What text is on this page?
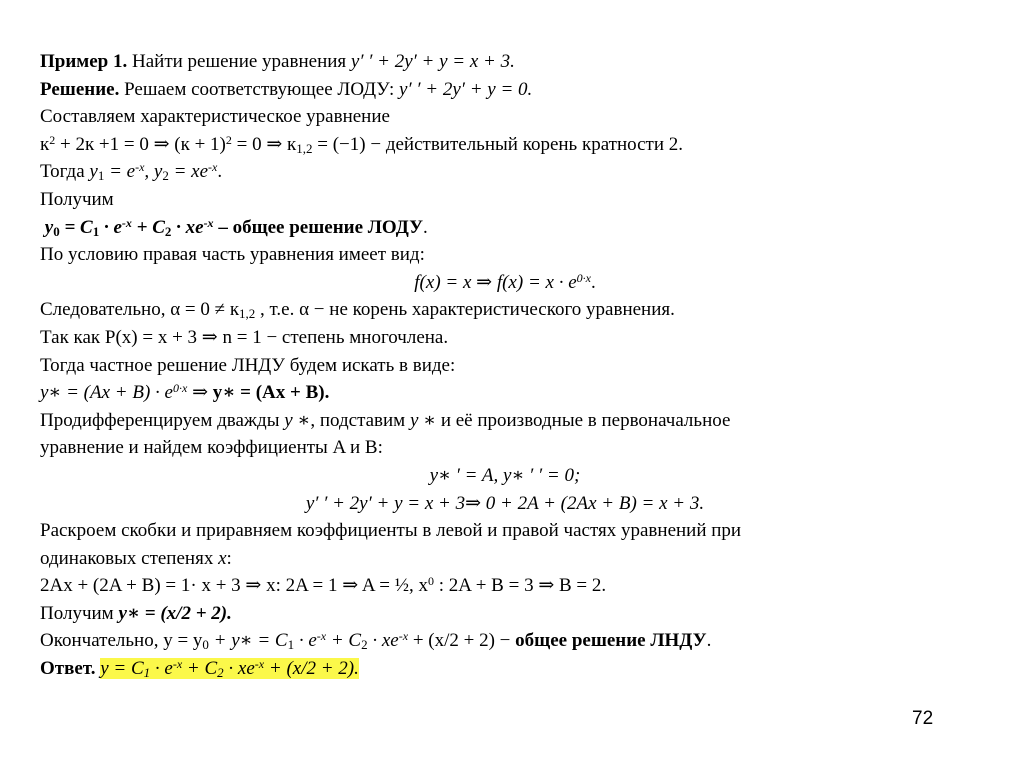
Пример 1. Найти решение уравнения y′ ′ + 2y′ + y = x + 3.
Решение. Решаем соответствующее ЛОДУ: y′ ′ + 2y′ + y = 0.
Составляем характеристическое уравнение
$к^2 + 2к +1 = 0$ ⇒ $(к + 1)^2 = 0$ ⇒ $к_{1,2} = (-1)$ − действительный корень кратности 2.
Тогда $y_1 = e^{-x}$, $y_2 = xe^{-x}$.
Получим
$y_0 = C_1 \cdot e^{-x} + C_2 \cdot xe^{-x}$ – общее решение ЛОДУ.
По условию правая часть уравнения имеет вид:
f(x) = x ⇒ $f(x) = x \cdot e^{0\cdot x}$.
Следовательно, $\alpha = 0 \ne к_{1,2}$ , т.е. α − не корень характеристического уравнения.
Так как P(x) = x + 3 ⇒ n = 1 − степень многочлена.
Тогда частное решение ЛНДУ будем искать в виде:
y∗ = $(Ax + B) \cdot e^{0\cdot x}$ ⇒ y∗ = (Ax + B).
Продифференцируем дважды y ∗, подставим y ∗ и её производные в первоначальное
уравнение и найдем коэффициенты A и B:
y∗ ′ = A, y∗ ′ ′ = 0;
y′ ′ + 2y′ + y = x + 3⇒ 0 + 2A + (2Ax + B) = x + 3.
Раскроем скобки и приравняем коэффициенты в левой и правой частях уравнений при
одинаковых степенях x:
2Ax + (2A + B) = 1· x + 3 ⇒ x: 2A = 1 ⇒ A = ½, $x^0$ : 2A + B = 3 ⇒ B = 2.
Получим y∗ = (x/2 + 2).
Окончательно, $y = y_0$ + y∗ = $C_1 \cdot e^{-x} + C_2 \cdot xe^{-x} + (x/2 + 2)$ − общее решение ЛНДУ.
Ответ. $y = C_1 \cdot e^{-x} + C_2 \cdot xe^{-x} + (x/2 + 2)$.
72
